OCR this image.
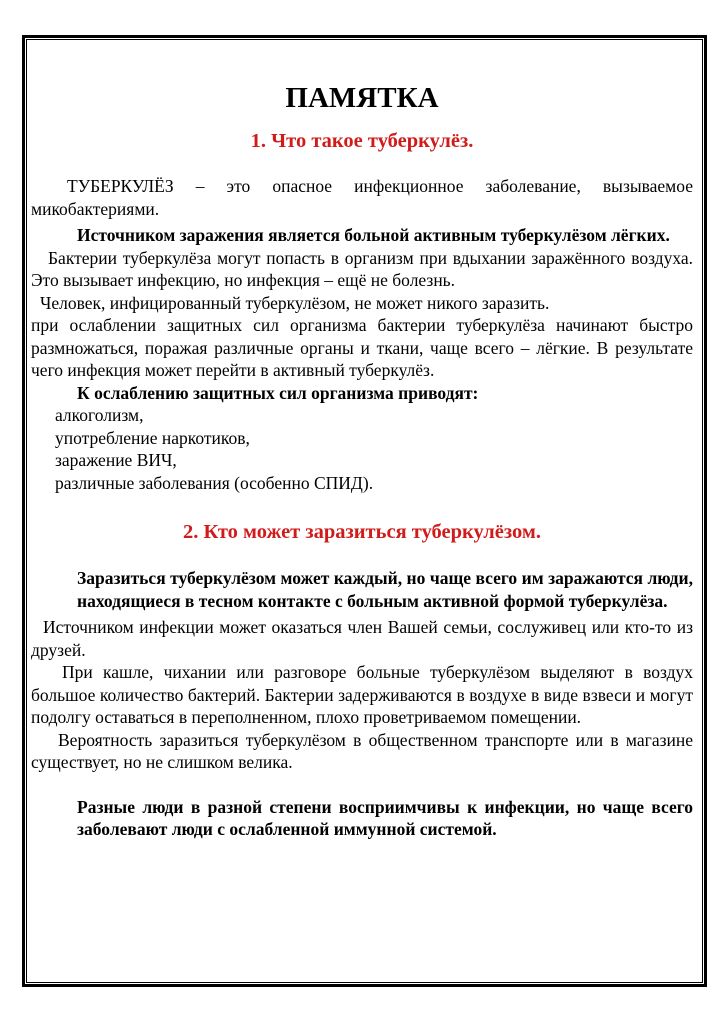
ПАМЯТКА
1. Что такое туберкулёз.

ТУБЕРКУЛЁЗ – это опасное инфекционное заболевание, вызываемое микобактериями.

Источником заражения является больной активным туберкулёзом лёгких.

Бактерии туберкулёза могут попасть в организм при вдыхании заражённого воздуха. Это вызывает инфекцию, но инфекция – ещё не болезнь.

Человек, инфицированный туберкулёзом, не может никого заразить.

при ослаблении защитных сил организма бактерии туберкулёза начинают быстро размножаться, поражая различные органы и ткани, чаще всего – лёгкие. В результате чего инфекция может перейти в активный туберкулёз.

К ослаблению защитных сил организма приводят:

алкоголизм,

употребление наркотиков,

заражение ВИЧ,

различные заболевания (особенно СПИД).

2. Кто может заразиться туберкулёзом.

Заразиться туберкулёзом может каждый, но чаще всего им заражаются люди, находящиеся в тесном контакте с больным активной формой туберкулёза.

Источником инфекции может оказаться член Вашей семьи, сослуживец или кто-то из друзей.

При кашле, чихании или разговоре больные туберкулёзом выделяют в воздух большое количество бактерий. Бактерии задерживаются в воздухе в виде взвеси и могут подолгу оставаться в переполненном, плохо проветриваемом помещении.

Вероятность заразиться туберкулёзом в общественном транспорте или в магазине существует, но не слишком велика.

Разные люди в разной степени восприимчивы к инфекции, но чаще всего заболевают люди с ослабленной иммунной системой.
